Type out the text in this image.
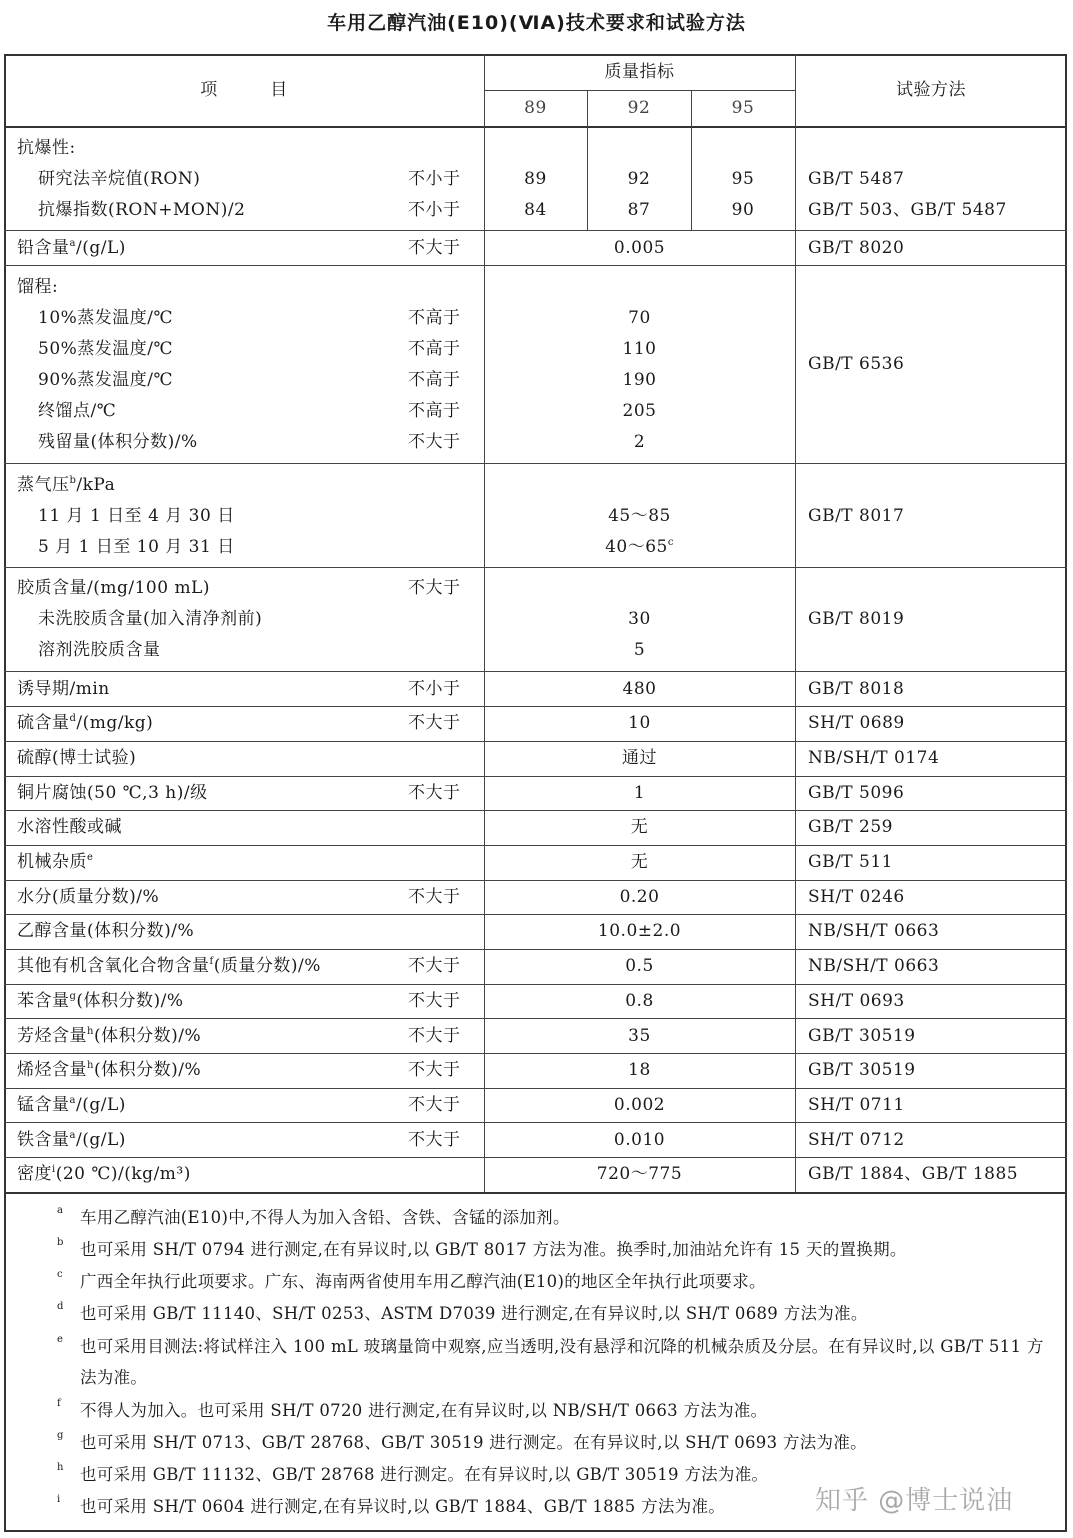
车用乙醇汽油(E10)(ⅥA)技术要求和试验方法
项　　　目
质量指标
89	92	95
试验方法
抗爆性:
研究法辛烷值(RON)	不小于	89	92	95	GB/T 5487
抗爆指数(RON+MON)/2	不小于	84	87	90	GB/T 503、GB/T 5487
铅含量$^a$/(g/L)	不大于	0.005	GB/T 8020
馏程:
10%蒸发温度/℃	不高于	70
50%蒸发温度/℃	不高于	110
90%蒸发温度/℃	不高于	190
终馏点/℃	不高于	205
残留量(体积分数)/%	不大于	2
GB/T 6536
蒸气压$^b$/kPa
11 月 1 日至 4 月 30 日	45～85
5 月 1 日至 10 月 31 日	40～65$^c$
GB/T 8017
胶质含量/(mg/100 mL)	不大于
未洗胶质含量(加入清净剂前)	30
溶剂洗胶质含量	5
GB/T 8019
诱导期/min	不小于	480	GB/T 8018
硫含量$^d$/(mg/kg)	不大于	10	SH/T 0689
硫醇(博士试验)	通过	NB/SH/T 0174
铜片腐蚀(50 ℃,3 h)/级	不大于	1	GB/T 5096
水溶性酸或碱	无	GB/T 259
机械杂质$^e$	无	GB/T 511
水分(质量分数)/%	不大于	0.20	SH/T 0246
乙醇含量(体积分数)/%	10.0±2.0	NB/SH/T 0663
其他有机含氧化合物含量$^f$(质量分数)/%	不大于	0.5	NB/SH/T 0663
苯含量$^g$(体积分数)/%	不大于	0.8	SH/T 0693
芳烃含量$^h$(体积分数)/%	不大于	35	GB/T 30519
烯烃含量$^h$(体积分数)/%	不大于	18	GB/T 30519
锰含量$^a$/(g/L)	不大于	0.002	SH/T 0711
铁含量$^a$/(g/L)	不大于	0.010	SH/T 0712
密度$^i$(20 ℃)/(kg/m³)	720～775	GB/T 1884、GB/T 1885
a 车用乙醇汽油(E10)中,不得人为加入含铅、含铁、含锰的添加剂。
b 也可采用 SH/T 0794 进行测定,在有异议时,以 GB/T 8017 方法为准。换季时,加油站允许有 15 天的置换期。
c 广西全年执行此项要求。广东、海南两省使用车用乙醇汽油(E10)的地区全年执行此项要求。
d 也可采用 GB/T 11140、SH/T 0253、ASTM D7039 进行测定,在有异议时,以 SH/T 0689 方法为准。
e 也可采用目测法:将试样注入 100 mL 玻璃量筒中观察,应当透明,没有悬浮和沉降的机械杂质及分层。在有异议时,以 GB/T 511 方法为准。
f 不得人为加入。也可采用 SH/T 0720 进行测定,在有异议时,以 NB/SH/T 0663 方法为准。
g 也可采用 SH/T 0713、GB/T 28768、GB/T 30519 进行测定。在有异议时,以 SH/T 0693 方法为准。
h 也可采用 GB/T 11132、GB/T 28768 进行测定。在有异议时,以 GB/T 30519 方法为准。
i 也可采用 SH/T 0604 进行测定,在有异议时,以 GB/T 1884、GB/T 1885 方法为准。	知乎 @博士说油
